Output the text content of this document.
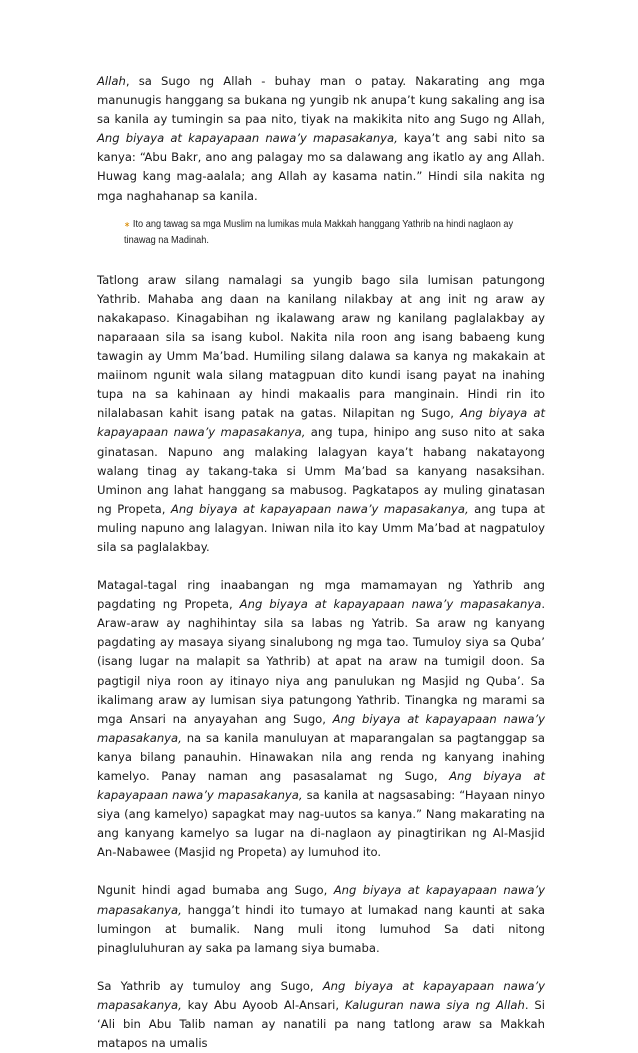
Allah, sa Sugo ng Allah - buhay man o patay. Nakarating ang mga manunugis hanggang sa bukana ng yungib nk anupa’t kung sakaling ang isa sa kanila ay tumingin sa paa nito, tiyak na makikita nito ang Sugo ng Allah, Ang biyaya at kapayapaan nawa’y mapasakanya, kaya’t ang sabi nito sa kanya: “Abu Bakr, ano ang palagay mo sa dalawang ang ikatlo ay ang Allah. Huwag kang mag-aalala; ang Allah ay kasama natin.” Hindi sila nakita ng mga naghahanap sa kanila.

∗ Ito ang tawag sa mga Muslim na lumikas mula Makkah hanggang Yathrib na hindi naglaon ay tinawag na Madinah.

Tatlong araw silang namalagi sa yungib bago sila lumisan patungong Yathrib. Mahaba ang daan na kanilang nilakbay at ang init ng araw ay nakakapaso. Kinagabihan ng ikalawang araw ng kanilang paglalakbay ay naparaaan sila sa isang kubol. Nakita nila roon ang isang babaeng kung tawagin ay Umm Ma’bad. Humiling silang dalawa sa kanya ng makakain at maiinom ngunit wala silang matagpuan dito kundi isang payat na inahing tupa na sa kahinaan ay hindi makaalis para manginain. Hindi rin ito nilalabasan kahit isang patak na gatas. Nilapitan ng Sugo, Ang biyaya at kapayapaan nawa’y mapasakanya, ang tupa, hinipo ang suso nito at saka ginatasan. Napuno ang malaking lalagyan kaya’t habang nakatayong walang tinag ay takang-taka si Umm Ma’bad sa kanyang nasaksihan. Uminon ang lahat hanggang sa mabusog. Pagkatapos ay muling ginatasan ng Propeta, Ang biyaya at kapayapaan nawa’y mapasakanya, ang tupa at muling napuno ang lalagyan. Iniwan nila ito kay Umm Ma’bad at nagpatuloy sila sa paglalakbay.

Matagal-tagal ring inaabangan ng mga mamamayan ng Yathrib ang pagdating ng Propeta, Ang biyaya at kapayapaan nawa’y mapasakanya. Araw-araw ay naghihintay sila sa labas ng Yatrib. Sa araw ng kanyang pagdating ay masaya siyang sinalubong ng mga tao. Tumuloy siya sa Quba’ (isang lugar na malapit sa Yathrib) at apat na araw na tumigil doon. Sa pagtigil niya roon ay itinayo niya ang panulukan ng Masjid ng Quba’. Sa ikalimang araw ay lumisan siya patungong Yathrib. Tinangka ng marami sa mga Ansari na anyayahan ang Sugo, Ang biyaya at kapayapaan nawa’y mapasakanya, na sa kanila manuluyan at maparangalan sa pagtanggap sa kanya bilang panauhin. Hinawakan nila ang renda ng kanyang inahing kamelyo. Panay naman ang pasasalamat ng Sugo, Ang biyaya at kapayapaan nawa’y mapasakanya, sa kanila at nagsasabing: “Hayaan ninyo siya (ang kamelyo) sapagkat may nag-uutos sa kanya.” Nang makarating na ang kanyang kamelyo sa lugar na di-naglaon ay pinagtirikan ng Al-Masjid An-Nabawee (Masjid ng Propeta) ay lumuhod ito.

Ngunit hindi agad bumaba ang Sugo, Ang biyaya at kapayapaan nawa’y mapasakanya, hangga’t hindi ito tumayo at lumakad nang kaunti at saka lumingon at bumalik. Nang muli itong lumuhod Sa dati nitong pinagluluhuran ay saka pa lamang siya bumaba.

Sa Yathrib ay tumuloy ang Sugo, Ang biyaya at kapayapaan nawa’y mapasakanya, kay Abu Ayoob Al-Ansari, Kaluguran nawa siya ng Allah. Si ‘Ali bin Abu Talib naman ay nanatili pa nang tatlong araw sa Makkah matapos na umalis
